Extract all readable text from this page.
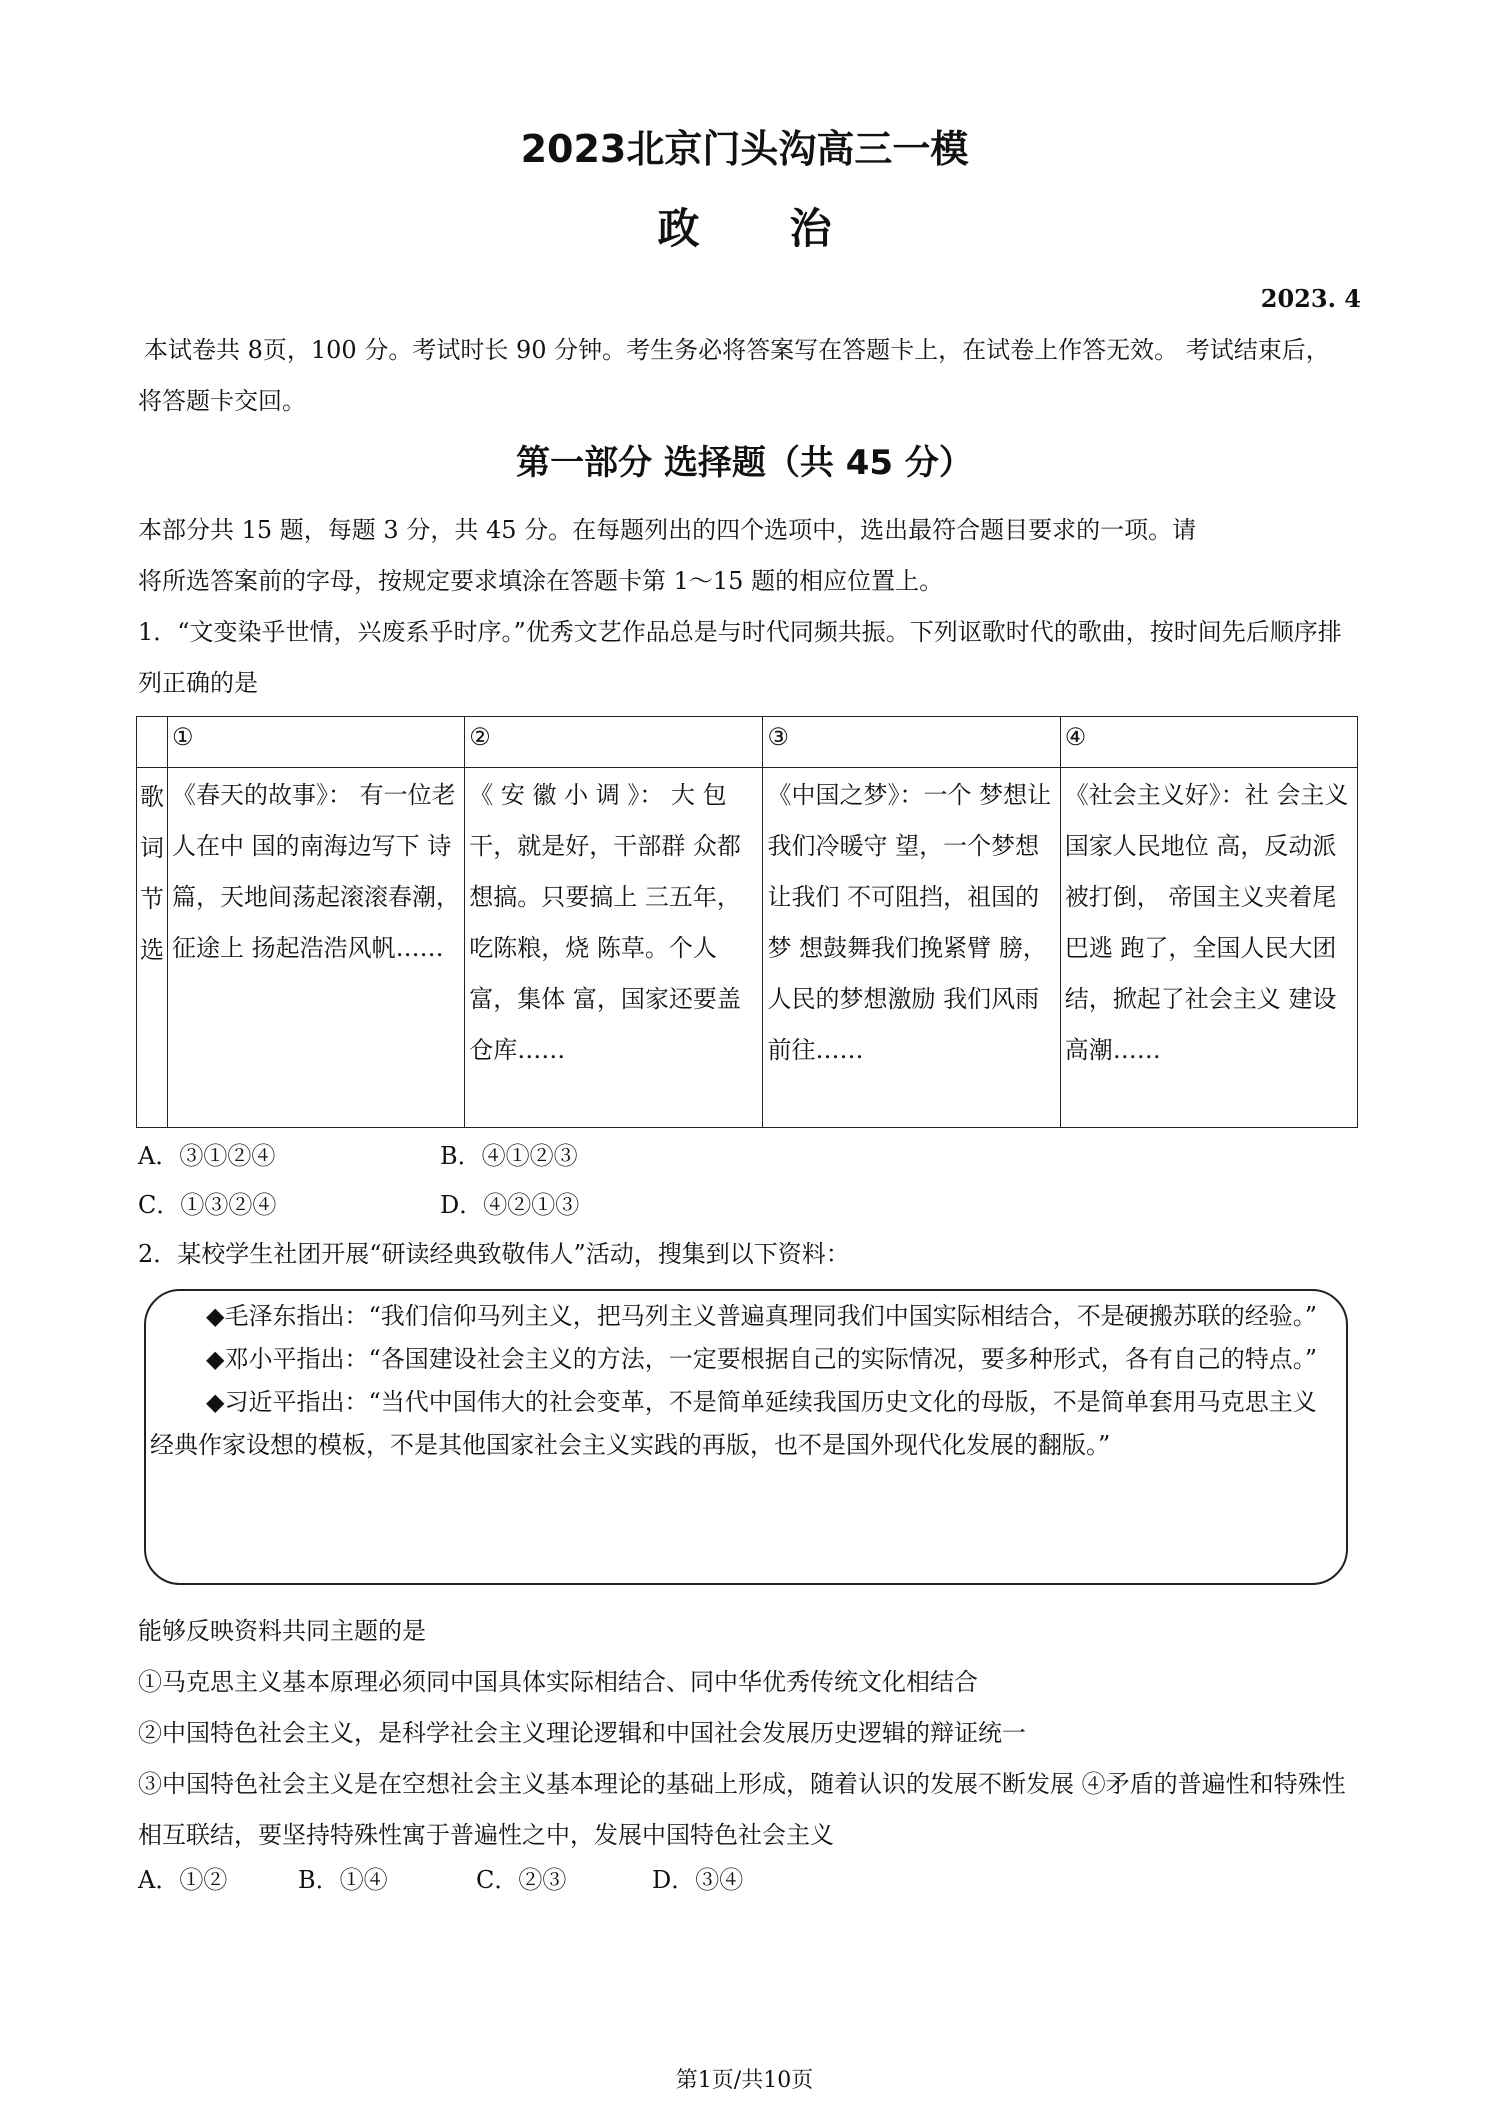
2023北京门头沟高三一模
政治
2023. 4
本试卷共 8页，100 分。考试时长 90 分钟。考生务必将答案写在答题卡上，在试卷上作答无效。 考试结束后，将答题卡交回。
第一部分 选择题（共 45 分）
本部分共 15 题，每题 3 分，共 45 分。在每题列出的四个选项中，选出最符合题目要求的一项。请将所选答案前的字母，按规定要求填涂在答题卡第 1～15 题的相应位置上。
1．“文变染乎世情，兴废系乎时序。”优秀文艺作品总是与时代同频共振。下列讴歌时代的歌曲，按时间先后顺序排列正确的是
	①	②	③	④
歌词节选	《春天的故事》： 有一位老人在中 国的南海边写下 诗篇，天地间荡起滚滚春潮，征途上 扬起浩浩风帆……	《 安 徽 小 调 》： 大 包干，就是好，干部群 众都想搞。只要搞上 三五年，吃陈粮，烧 陈草。个人富，集体 富，国家还要盖仓库……	《中国之梦》：一个 梦想让我们冷暖守 望，一个梦想让我们 不可阻挡，祖国的梦 想鼓舞我们挽紧臂 膀，人民的梦想激励 我们风雨前往……	《社会主义好》：社 会主义国家人民地位 高，反动派被打倒， 帝国主义夹着尾巴逃 跑了，全国人民大团 结，掀起了社会主义 建设高潮……
A．③①②④	B．④①②③
C．①③②④	D．④②①③
2．某校学生社团开展“研读经典致敬伟人”活动，搜集到以下资料：

◆毛泽东指出：“我们信仰马列主义，把马列主义普遍真理同我们中国实际相结合，不是硬搬苏联的经验。”

◆邓小平指出：“各国建设社会主义的方法，一定要根据自己的实际情况，要多种形式，各有自己的特点。”

◆习近平指出：“当代中国伟大的社会变革，不是简单延续我国历史文化的母版，不是简单套用马克思主义经典作家设想的模板，不是其他国家社会主义实践的再版，也不是国外现代化发展的翻版。”

能够反映资料共同主题的是
①马克思主义基本原理必须同中国具体实际相结合、同中华优秀传统文化相结合
②中国特色社会主义，是科学社会主义理论逻辑和中国社会发展历史逻辑的辩证统一
③中国特色社会主义是在空想社会主义基本理论的基础上形成，随着认识的发展不断发展 ④矛盾的普遍性和特殊性相互联结，要坚持特殊性寓于普遍性之中，发展中国特色社会主义
A．①②	B．①④	C．②③	D．③④
第1页/共10页
